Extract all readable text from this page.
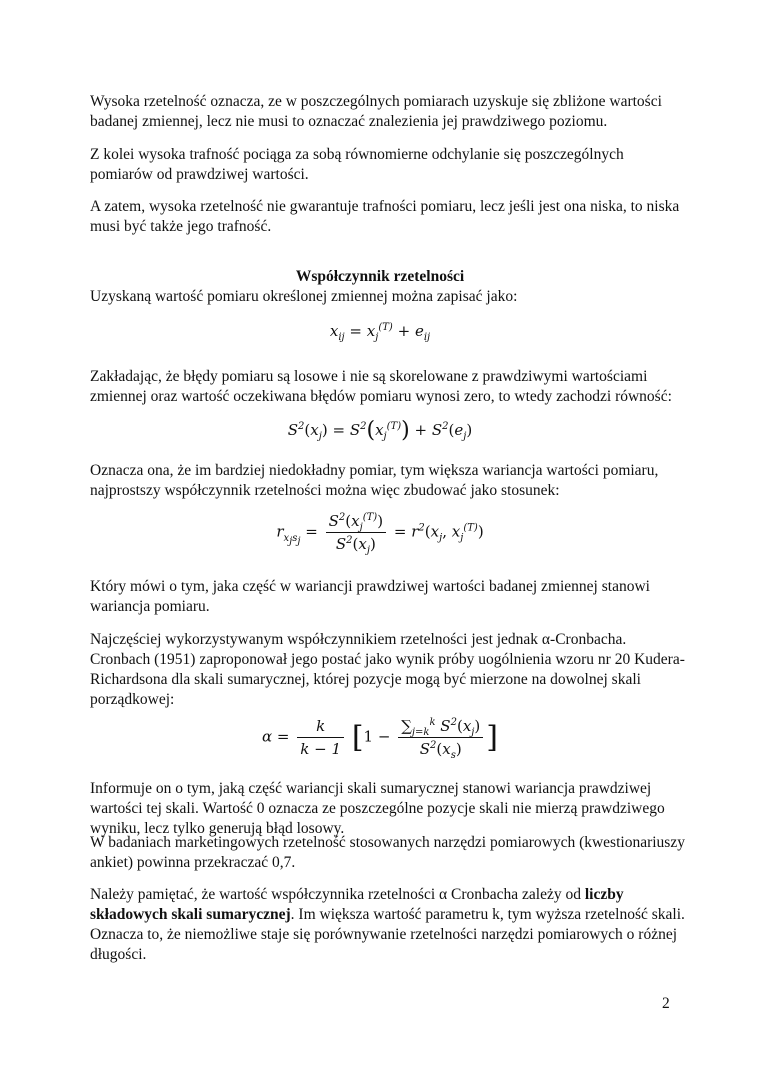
Wysoka rzetelność oznacza, ze w poszczególnych pomiarach uzyskuje się zbliżone wartości badanej zmiennej, lecz nie musi to oznaczać znalezienia jej prawdziwego poziomu.

Z kolei wysoka trafność pociąga za sobą równomierne odchylanie się poszczególnych pomiarów od prawdziwej wartości.

A zatem, wysoka rzetelność nie gwarantuje trafności pomiaru, lecz jeśli jest ona niska, to niska musi być także jego trafność.

Współczynnik rzetelności

Uzyskaną wartość pomiaru określonej zmiennej można zapisać jako:

$x_{ij} = x_j^{(T)} + e_{ij}$

Zakładając, że błędy pomiaru są losowe i nie są skorelowane z prawdziwymi wartościami zmiennej oraz wartość oczekiwana błędów pomiaru wynosi zero, to wtedy zachodzi równość:

$S^2(x_j) = S^2(x_j^{(T)}) + S^2(e_j)$

Oznacza ona, że im bardziej niedokładny pomiar, tym większa wariancja wartości pomiaru, najprostszy współczynnik rzetelności można więc zbudować jako stosunek:

$r_{x_js_j} = \frac{S^2(x_j^{(T)})}{S^2(x_j)} = r^2(x_j$, $x_j^{(T)}$)

Który mówi o tym, jaka część w wariancji prawdziwej wartości badanej zmiennej stanowi wariancja pomiaru.

Najczęściej wykorzystywanym współczynnikiem rzetelności jest jednak α-Cronbacha. Cronbach (1951) zaproponował jego postać jako wynik próby uogólnienia wzoru nr 20 Kudera-Richardsona dla skali sumarycznej, której pozycje mogą być mierzone na dowolnej skali porządkowej:

$\alpha = \frac{k}{k - 1} [1 - \frac{\sum_{j=k}^k S^2(x_j)}{S^2(x_s)}$ ]

Informuje on o tym, jaką część wariancji skali sumarycznej stanowi wariancja prawdziwej wartości tej skali. Wartość 0 oznacza ze poszczególne pozycje skali nie mierzą prawdziwego wyniku, lecz tylko generują błąd losowy.

W badaniach marketingowych rzetelność stosowanych narzędzi pomiarowych (kwestionariuszy ankiet) powinna przekraczać 0,7.

Należy pamiętać, że wartość współczynnika rzetelności α Cronbacha zależy od liczby składowych skali sumarycznej. Im większa wartość parametru k, tym wyższa rzetelność skali. Oznacza to, że niemożliwe staje się porównywanie rzetelności narzędzi pomiarowych o różnej długości.

2
